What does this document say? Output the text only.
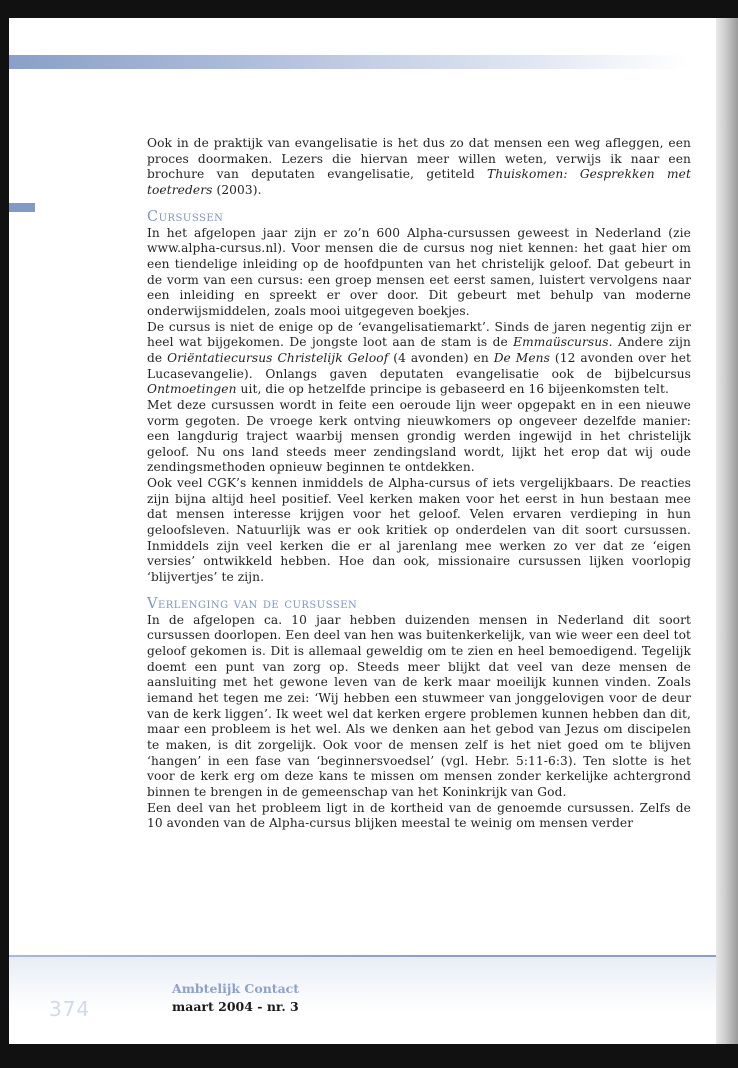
Ook in de praktijk van evangelisatie is het dus zo dat mensen een weg afleggen, een proces doormaken. Lezers die hiervan meer willen weten, verwijs ik naar een brochure van deputaten evangelisatie, getiteld Thuiskomen: Gesprekken met toetreders (2003).

Cursussen

In het afgelopen jaar zijn er zo’n 600 Alpha-cursussen geweest in Nederland (zie www.alpha-cursus.nl). Voor mensen die de cursus nog niet kennen: het gaat hier om een tiendelige inleiding op de hoofdpunten van het christelijk geloof. Dat gebeurt in de vorm van een cursus: een groep mensen eet eerst samen, luistert vervolgens naar een inleiding en spreekt er over door. Dit gebeurt met behulp van moderne onderwijsmiddelen, zoals mooi uitgegeven boekjes.

De cursus is niet de enige op de ‘evangelisatiemarkt’. Sinds de jaren negentig zijn er heel wat bijgekomen. De jongste loot aan de stam is de Emmaüscursus. Andere zijn de Oriëntatiecursus Christelijk Geloof (4 avonden) en De Mens (12 avonden over het Lucasevangelie). Onlangs gaven deputaten evangelisatie ook de bijbelcursus Ontmoetingen uit, die op hetzelfde principe is gebaseerd en 16 bijeenkomsten telt.

Met deze cursussen wordt in feite een oeroude lijn weer opgepakt en in een nieuwe vorm gegoten. De vroege kerk ontving nieuwkomers op ongeveer dezelfde manier: een langdurig traject waarbij mensen grondig werden ingewijd in het christelijk geloof. Nu ons land steeds meer zendingsland wordt, lijkt het erop dat wij oude zendingsmethoden opnieuw beginnen te ontdekken.

Ook veel CGK’s kennen inmiddels de Alpha-cursus of iets vergelijkbaars. De reacties zijn bijna altijd heel positief. Veel kerken maken voor het eerst in hun bestaan mee dat mensen interesse krijgen voor het geloof. Velen ervaren verdieping in hun geloofsleven. Natuurlijk was er ook kritiek op onderdelen van dit soort cursussen. Inmiddels zijn veel kerken die er al jarenlang mee werken zo ver dat ze ‘eigen versies’ ontwikkeld hebben. Hoe dan ook, missionaire cursussen lijken voorlopig ‘blijvertjes’ te zijn.

Verlenging van de cursussen

In de afgelopen ca. 10 jaar hebben duizenden mensen in Nederland dit soort cursussen doorlopen. Een deel van hen was buitenkerkelijk, van wie weer een deel tot geloof gekomen is. Dit is allemaal geweldig om te zien en heel bemoedigend. Tegelijk doemt een punt van zorg op. Steeds meer blijkt dat veel van deze mensen de aansluiting met het gewone leven van de kerk maar moeilijk kunnen vinden. Zoals iemand het tegen me zei: ‘Wij hebben een stuwmeer van jonggelovigen voor de deur van de kerk liggen’. Ik weet wel dat kerken ergere problemen kunnen hebben dan dit, maar een probleem is het wel. Als we denken aan het gebod van Jezus om discipelen te maken, is dit zorgelijk. Ook voor de mensen zelf is het niet goed om te blijven ‘hangen’ in een fase van ‘beginnersvoedsel’ (vgl. Hebr. 5:11-6:3). Ten slotte is het voor de kerk erg om deze kans te missen om mensen zonder kerkelijke achtergrond binnen te brengen in de gemeenschap van het Koninkrijk van God.

Een deel van het probleem ligt in de kortheid van de genoemde cursussen. Zelfs de 10 avonden van de Alpha-cursus blijken meestal te weinig om mensen verder

374
Ambtelijk Contact
maart 2004 - nr. 3
